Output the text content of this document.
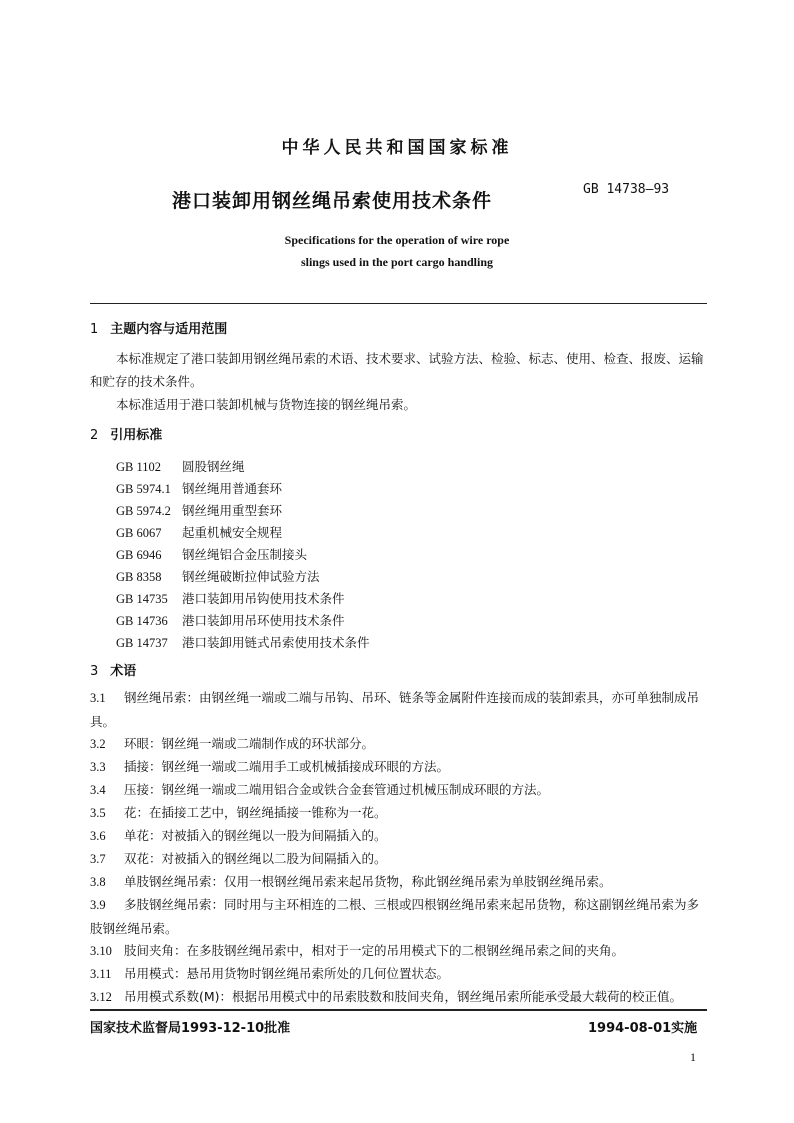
中华人民共和国国家标准
港口装卸用钢丝绳吊索使用技术条件
GB 14738—93
Specifications for the operation of wire rope
slings used in the port cargo handling
1 主题内容与适用范围
本标准规定了港口装卸用钢丝绳吊索的术语、技术要求、试验方法、检验、标志、使用、检查、报废、运输和贮存的技术条件。
本标准适用于港口装卸机械与货物连接的钢丝绳吊索。
2 引用标准
GB 1102 圆股钢丝绳
GB 5974.1 钢丝绳用普通套环
GB 5974.2 钢丝绳用重型套环
GB 6067 起重机械安全规程
GB 6946 钢丝绳铝合金压制接头
GB 8358 钢丝绳破断拉伸试验方法
GB 14735 港口装卸用吊钩使用技术条件
GB 14736 港口装卸用吊环使用技术条件
GB 14737 港口装卸用链式吊索使用技术条件
3 术语
3.1 钢丝绳吊索：由钢丝绳一端或二端与吊钩、吊环、链条等金属附件连接而成的装卸索具，亦可单独制成吊具。
3.2 环眼：钢丝绳一端或二端制作成的环状部分。
3.3 插接：钢丝绳一端或二端用手工或机械插接成环眼的方法。
3.4 压接：钢丝绳一端或二端用铝合金或铁合金套管通过机械压制成环眼的方法。
3.5 花：在插接工艺中，钢丝绳插接一锥称为一花。
3.6 单花：对被插入的钢丝绳以一股为间隔插入的。
3.7 双花：对被插入的钢丝绳以二股为间隔插入的。
3.8 单肢钢丝绳吊索：仅用一根钢丝绳吊索来起吊货物，称此钢丝绳吊索为单肢钢丝绳吊索。
3.9 多肢钢丝绳吊索：同时用与主环相连的二根、三根或四根钢丝绳吊索来起吊货物，称这副钢丝绳吊索为多肢钢丝绳吊索。
3.10 肢间夹角：在多肢钢丝绳吊索中，相对于一定的吊用模式下的二根钢丝绳吊索之间的夹角。
3.11 吊用模式：悬吊用货物时钢丝绳吊索所处的几何位置状态。
3.12 吊用模式系数(M)：根据吊用模式中的吊索肢数和肢间夹角，钢丝绳吊索所能承受最大载荷的校正值。
国家技术监督局1993-12-10批准	1994-08-01实施
1
